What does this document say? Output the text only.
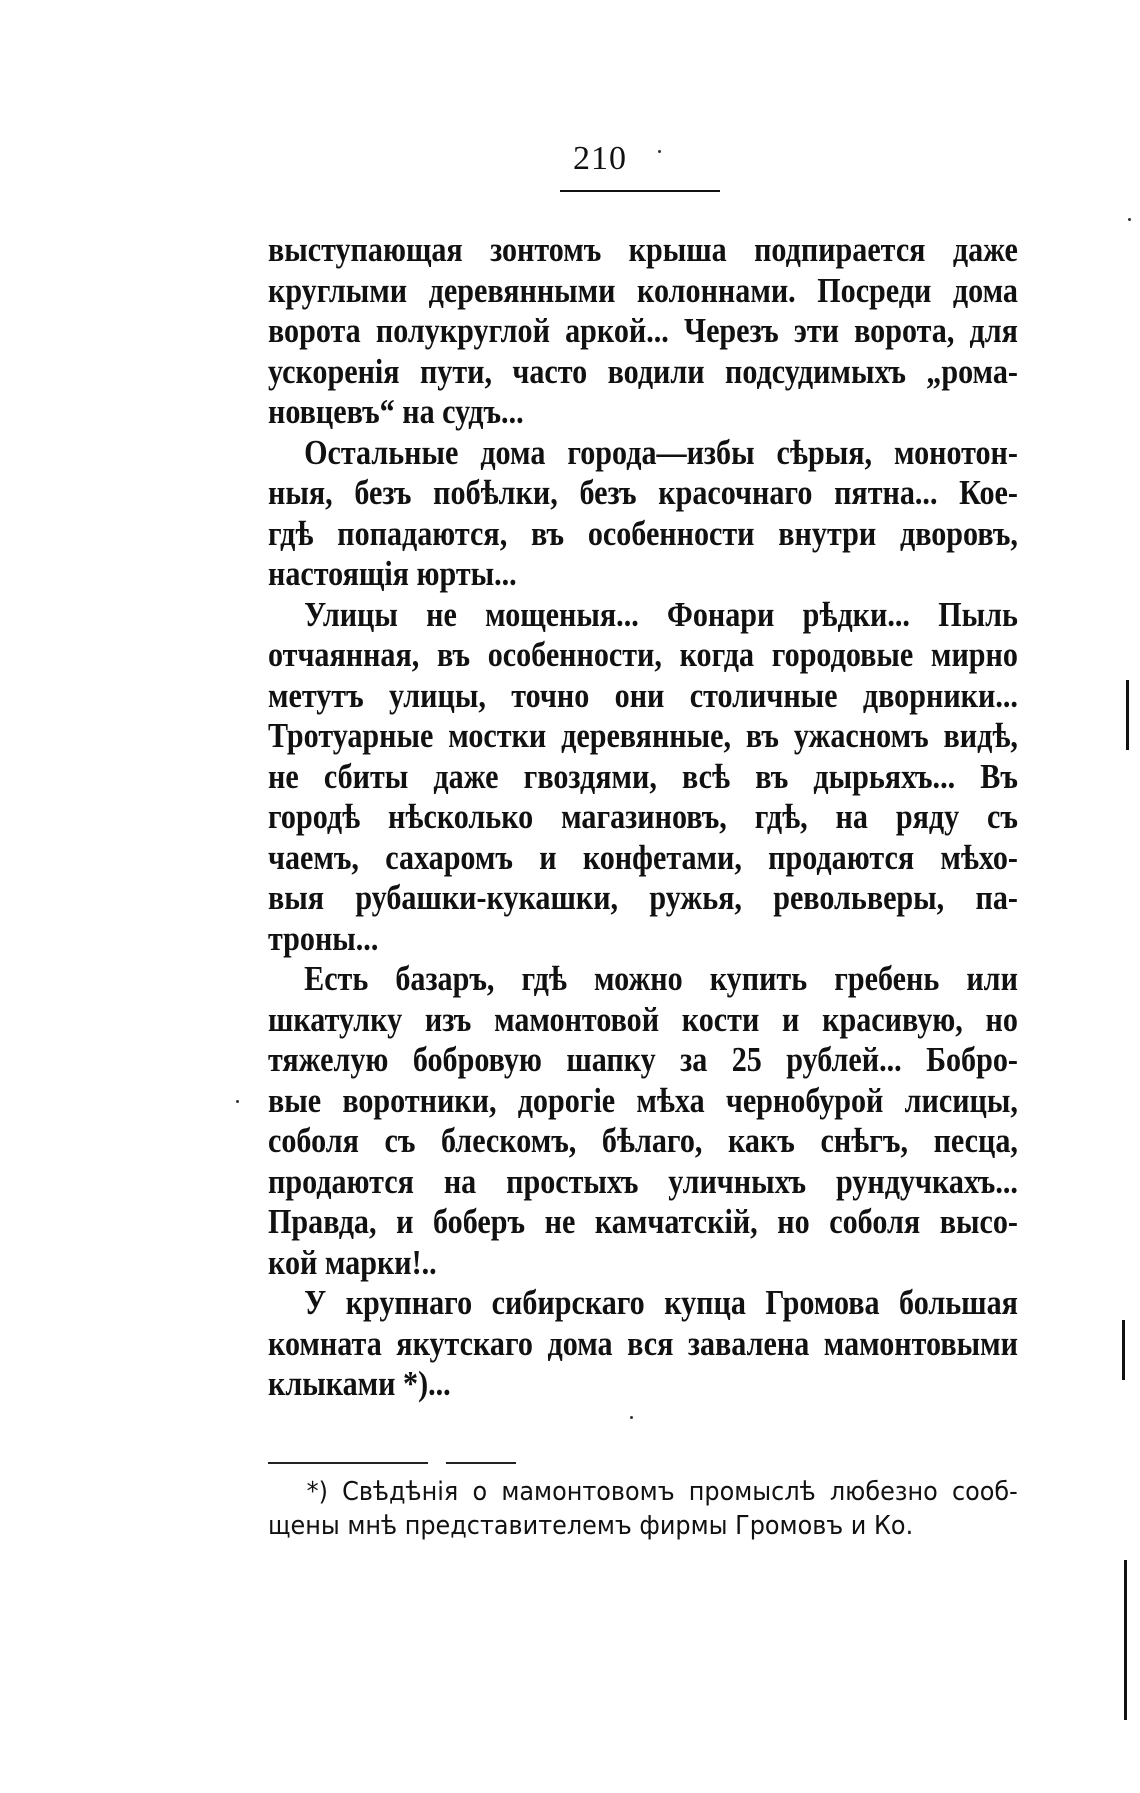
210
выступающая зонтомъ крыша подпирается даже
круглыми деревянными колоннами. Посреди дома
ворота полукруглой аркой... Черезъ эти ворота, для
ускоренія пути, часто водили подсудимыхъ „рома-
новцевъ“ на судъ...
Остальные дома города—избы сѣрыя, монотон-
ныя, безъ побѣлки, безъ красочнаго пятна... Кое-
гдѣ попадаются, въ особенности внутри дворовъ,
настоящія юрты...
Улицы не мощеныя... Фонари рѣдки... Пыль
отчаянная, въ особенности, когда городовые мирно
метутъ улицы, точно они столичные дворники...
Тротуарные мостки деревянные, въ ужасномъ видѣ,
не сбиты даже гвоздями, всѣ въ дырьяхъ... Въ
городѣ нѣсколько магазиновъ, гдѣ, на ряду съ
чаемъ, сахаромъ и конфетами, продаются мѣхо-
выя рубашки-кукашки, ружья, револьверы, па-
троны...
Есть базаръ, гдѣ можно купить гребень или
шкатулку изъ мамонтовой кости и красивую, но
тяжелую бобровую шапку за 25 рублей... Бобро-
вые воротники, дорогіе мѣха чернобурой лисицы,
соболя съ блескомъ, бѣлаго, какъ снѣгъ, песца,
продаются на простыхъ уличныхъ рундучкахъ...
Правда, и боберъ не камчатскій, но соболя высо-
кой марки!..
У крупнаго сибирскаго купца Громова большая
комната якутскаго дома вся завалена мамонтовыми
клыками *)...
*) Свѣдѣнія о мамонтовомъ промыслѣ любезно сооб-
щены мнѣ представителемъ фирмы Громовъ и Ко.
